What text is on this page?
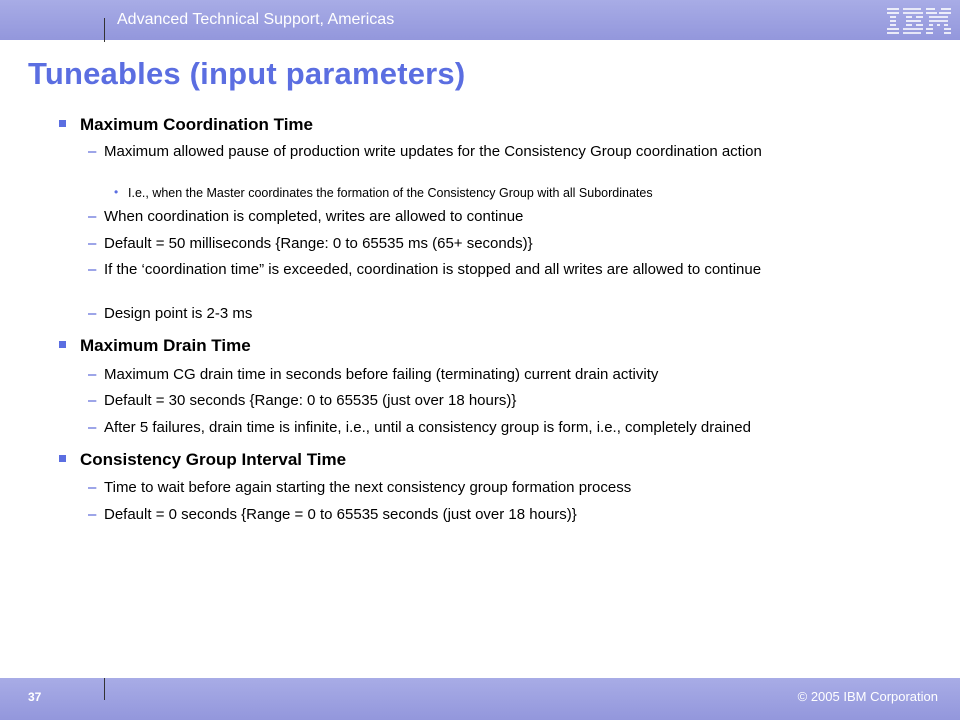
Advanced Technical Support, Americas
Tuneables (input parameters)
Maximum Coordination Time
– Maximum allowed pause of production write updates for the Consistency Group coordination action
• I.e., when the Master coordinates the formation of the Consistency Group with all Subordinates
– When coordination is completed, writes are allowed to continue
– Default = 50 milliseconds {Range: 0 to 65535 ms (65+ seconds)}
– If the ‘coordination time” is exceeded, coordination is stopped and all writes are allowed to continue
– Design point is 2-3 ms
Maximum Drain Time
– Maximum CG drain time in seconds before failing (terminating) current drain activity
– Default = 30 seconds {Range: 0 to 65535 (just over 18 hours)}
– After 5 failures, drain time is infinite, i.e., until a consistency group is form, i.e., completely drained
Consistency Group Interval Time
– Time to wait before again starting the next consistency group formation process
– Default = 0 seconds {Range = 0 to 65535 seconds (just over 18 hours)}
37	© 2005 IBM Corporation
